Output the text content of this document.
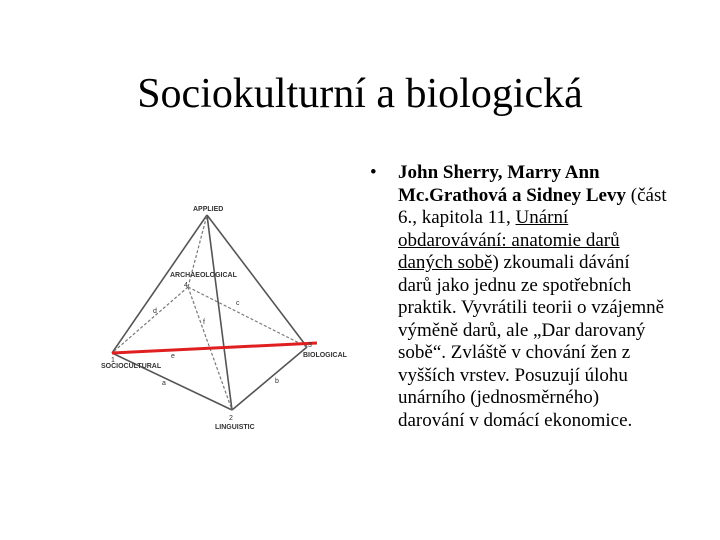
Sociokulturní a biologická
APPLIED
ARCHAEOLOGICAL
SOCIOCULTURAL
BIOLOGICAL
LINGUISTIC
4
1
3
2
d
c
f
e
a	b
• John Sherry, Marry Ann Mc.Grathová a Sidney Levy (část 6., kapitola 11, Unární obdarovávání: anatomie darů daných sobě) zkoumali dávání darů jako jednu ze spotřebních praktik. Vyvrátili teorii o vzájemně výměně darů, ale „Dar darovaný sobě“. Zvláště v chování žen z vyšších vrstev. Posuzují úlohu unárního (jednosměrného) darování v domácí ekonomice.
